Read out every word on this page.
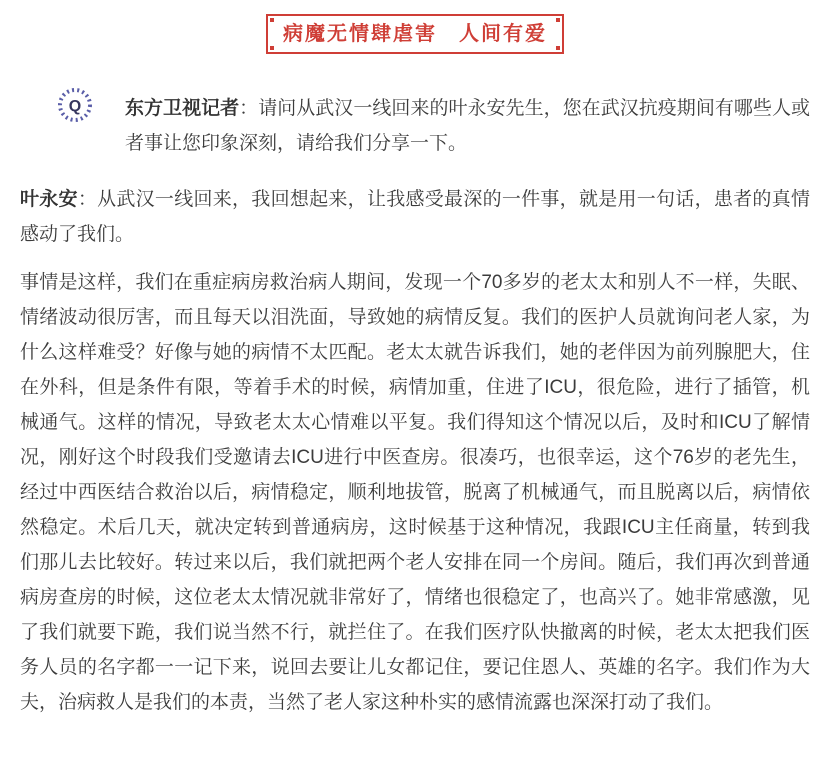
病魔无情肆虐害　人间有爱
Q 东方卫视记者：请问从武汉一线回来的叶永安先生，您在武汉抗疫期间有哪些人或者事让您印象深刻，请给我们分享一下。

叶永安：从武汉一线回来，我回想起来，让我感受最深的一件事，就是用一句话，患者的真情感动了我们。

事情是这样，我们在重症病房救治病人期间，发现一个70多岁的老太太和别人不一样，失眠、情绪波动很厉害，而且每天以泪洗面，导致她的病情反复。我们的医护人员就询问老人家，为什么这样难受？好像与她的病情不太匹配。老太太就告诉我们，她的老伴因为前列腺肥大，住在外科，但是条件有限，等着手术的时候，病情加重，住进了ICU，很危险，进行了插管，机械通气。这样的情况，导致老太太心情难以平复。我们得知这个情况以后，及时和ICU了解情况，刚好这个时段我们受邀请去ICU进行中医查房。很凑巧，也很幸运，这个76岁的老先生，经过中西医结合救治以后，病情稳定，顺利地拔管，脱离了机械通气，而且脱离以后，病情依然稳定。术后几天，就决定转到普通病房，这时候基于这种情况，我跟ICU主任商量，转到我们那儿去比较好。转过来以后，我们就把两个老人安排在同一个房间。随后，我们再次到普通病房查房的时候，这位老太太情况就非常好了，情绪也很稳定了，也高兴了。她非常感激，见了我们就要下跪，我们说当然不行，就拦住了。在我们医疗队快撤离的时候，老太太把我们医务人员的名字都一一记下来，说回去要让儿女都记住，要记住恩人、英雄的名字。我们作为大夫，治病救人是我们的本责，当然了老人家这种朴实的感情流露也深深打动了我们。
